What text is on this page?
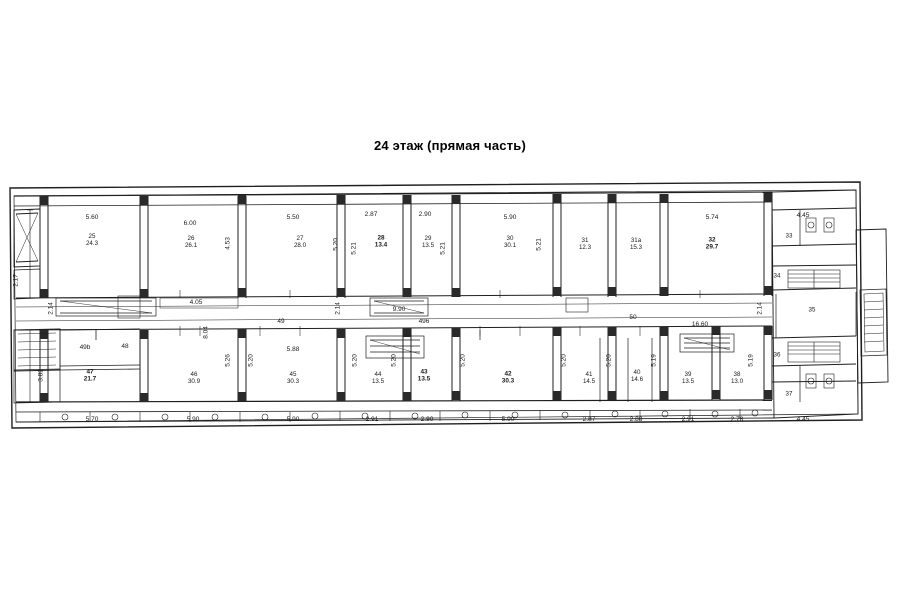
24 этаж (прямая часть)
5.60
6.00
5.50	2.87	2.90	5.90	5.74	4.45
5.70	5.90	5.90	2.91	2.90	5.90	2.87	2.88	2.91	2.78	4.45
4.05
49
9.90
496
50
16.60
5.88
48
49b
2.17
2.14
3.82
4.53
8.04
5.20 5.21	5.21	5.21
2.14	2.14
5.26 5.20	5.20	5.20	5.20	5.20	5.20	5.19	5.19
25
24.3
26
26.1
27
28.0
28
13.4
29
13.5
30
30.1
31
12.3
31a
15.3
32
29.7
33
34
35
36
37
38
13.0
39
13.5
40
14.6
41
14.5
42
30.3
43
13.5
44
13.5
45
30.3
46
30.9
47
21.7
